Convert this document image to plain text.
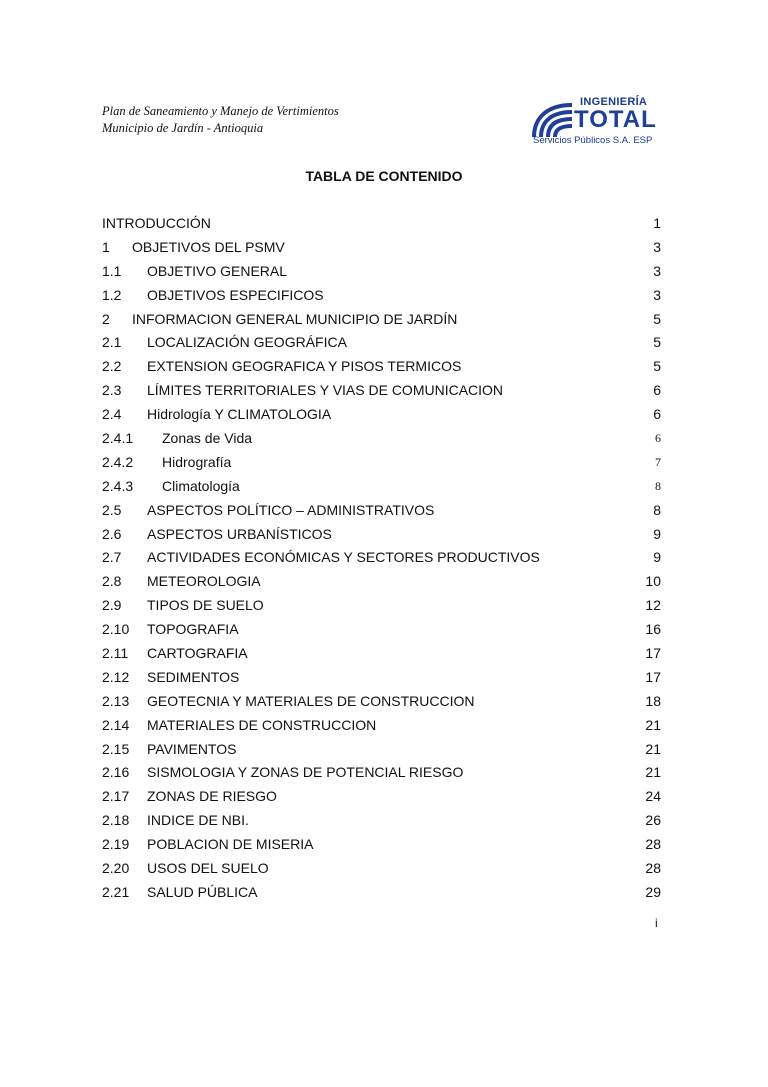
Plan de Saneamiento y Manejo de Vertimientos
Municipio de Jardín - Antioquia
INGENIERÍA
TOTAL
Servicios Públicos S.A. ESP
TABLA DE CONTENIDO
INTRODUCCIÓN	1
1 OBJETIVOS DEL PSMV	3
1.1 OBJETIVO GENERAL	3
1.2 OBJETIVOS ESPECIFICOS	3
2 INFORMACION GENERAL MUNICIPIO DE JARDÍN	5
2.1 LOCALIZACIÓN GEOGRÁFICA	5
2.2 EXTENSION GEOGRAFICA Y PISOS TERMICOS	5
2.3 LÍMITES TERRITORIALES Y VIAS DE COMUNICACION	6
2.4 Hidrología Y CLIMATOLOGIA	6
2.4.1 Zonas de Vida	6
2.4.2 Hidrografía	7
2.4.3 Climatología	8
2.5 ASPECTOS POLÍTICO – ADMINISTRATIVOS	8
2.6 ASPECTOS URBANÍSTICOS	9
2.7 ACTIVIDADES ECONÓMICAS Y SECTORES PRODUCTIVOS	9
2.8 METEOROLOGIA	10
2.9 TIPOS DE SUELO	12
2.10 TOPOGRAFIA	16
2.11 CARTOGRAFIA	17
2.12 SEDIMENTOS	17
2.13 GEOTECNIA Y MATERIALES DE CONSTRUCCION	18
2.14 MATERIALES DE CONSTRUCCION	21
2.15 PAVIMENTOS	21
2.16 SISMOLOGIA Y ZONAS DE POTENCIAL RIESGO	21
2.17 ZONAS DE RIESGO	24
2.18 INDICE DE NBI.	26
2.19 POBLACION DE MISERIA	28
2.20 USOS DEL SUELO	28
2.21 SALUD PÚBLICA	29
i
